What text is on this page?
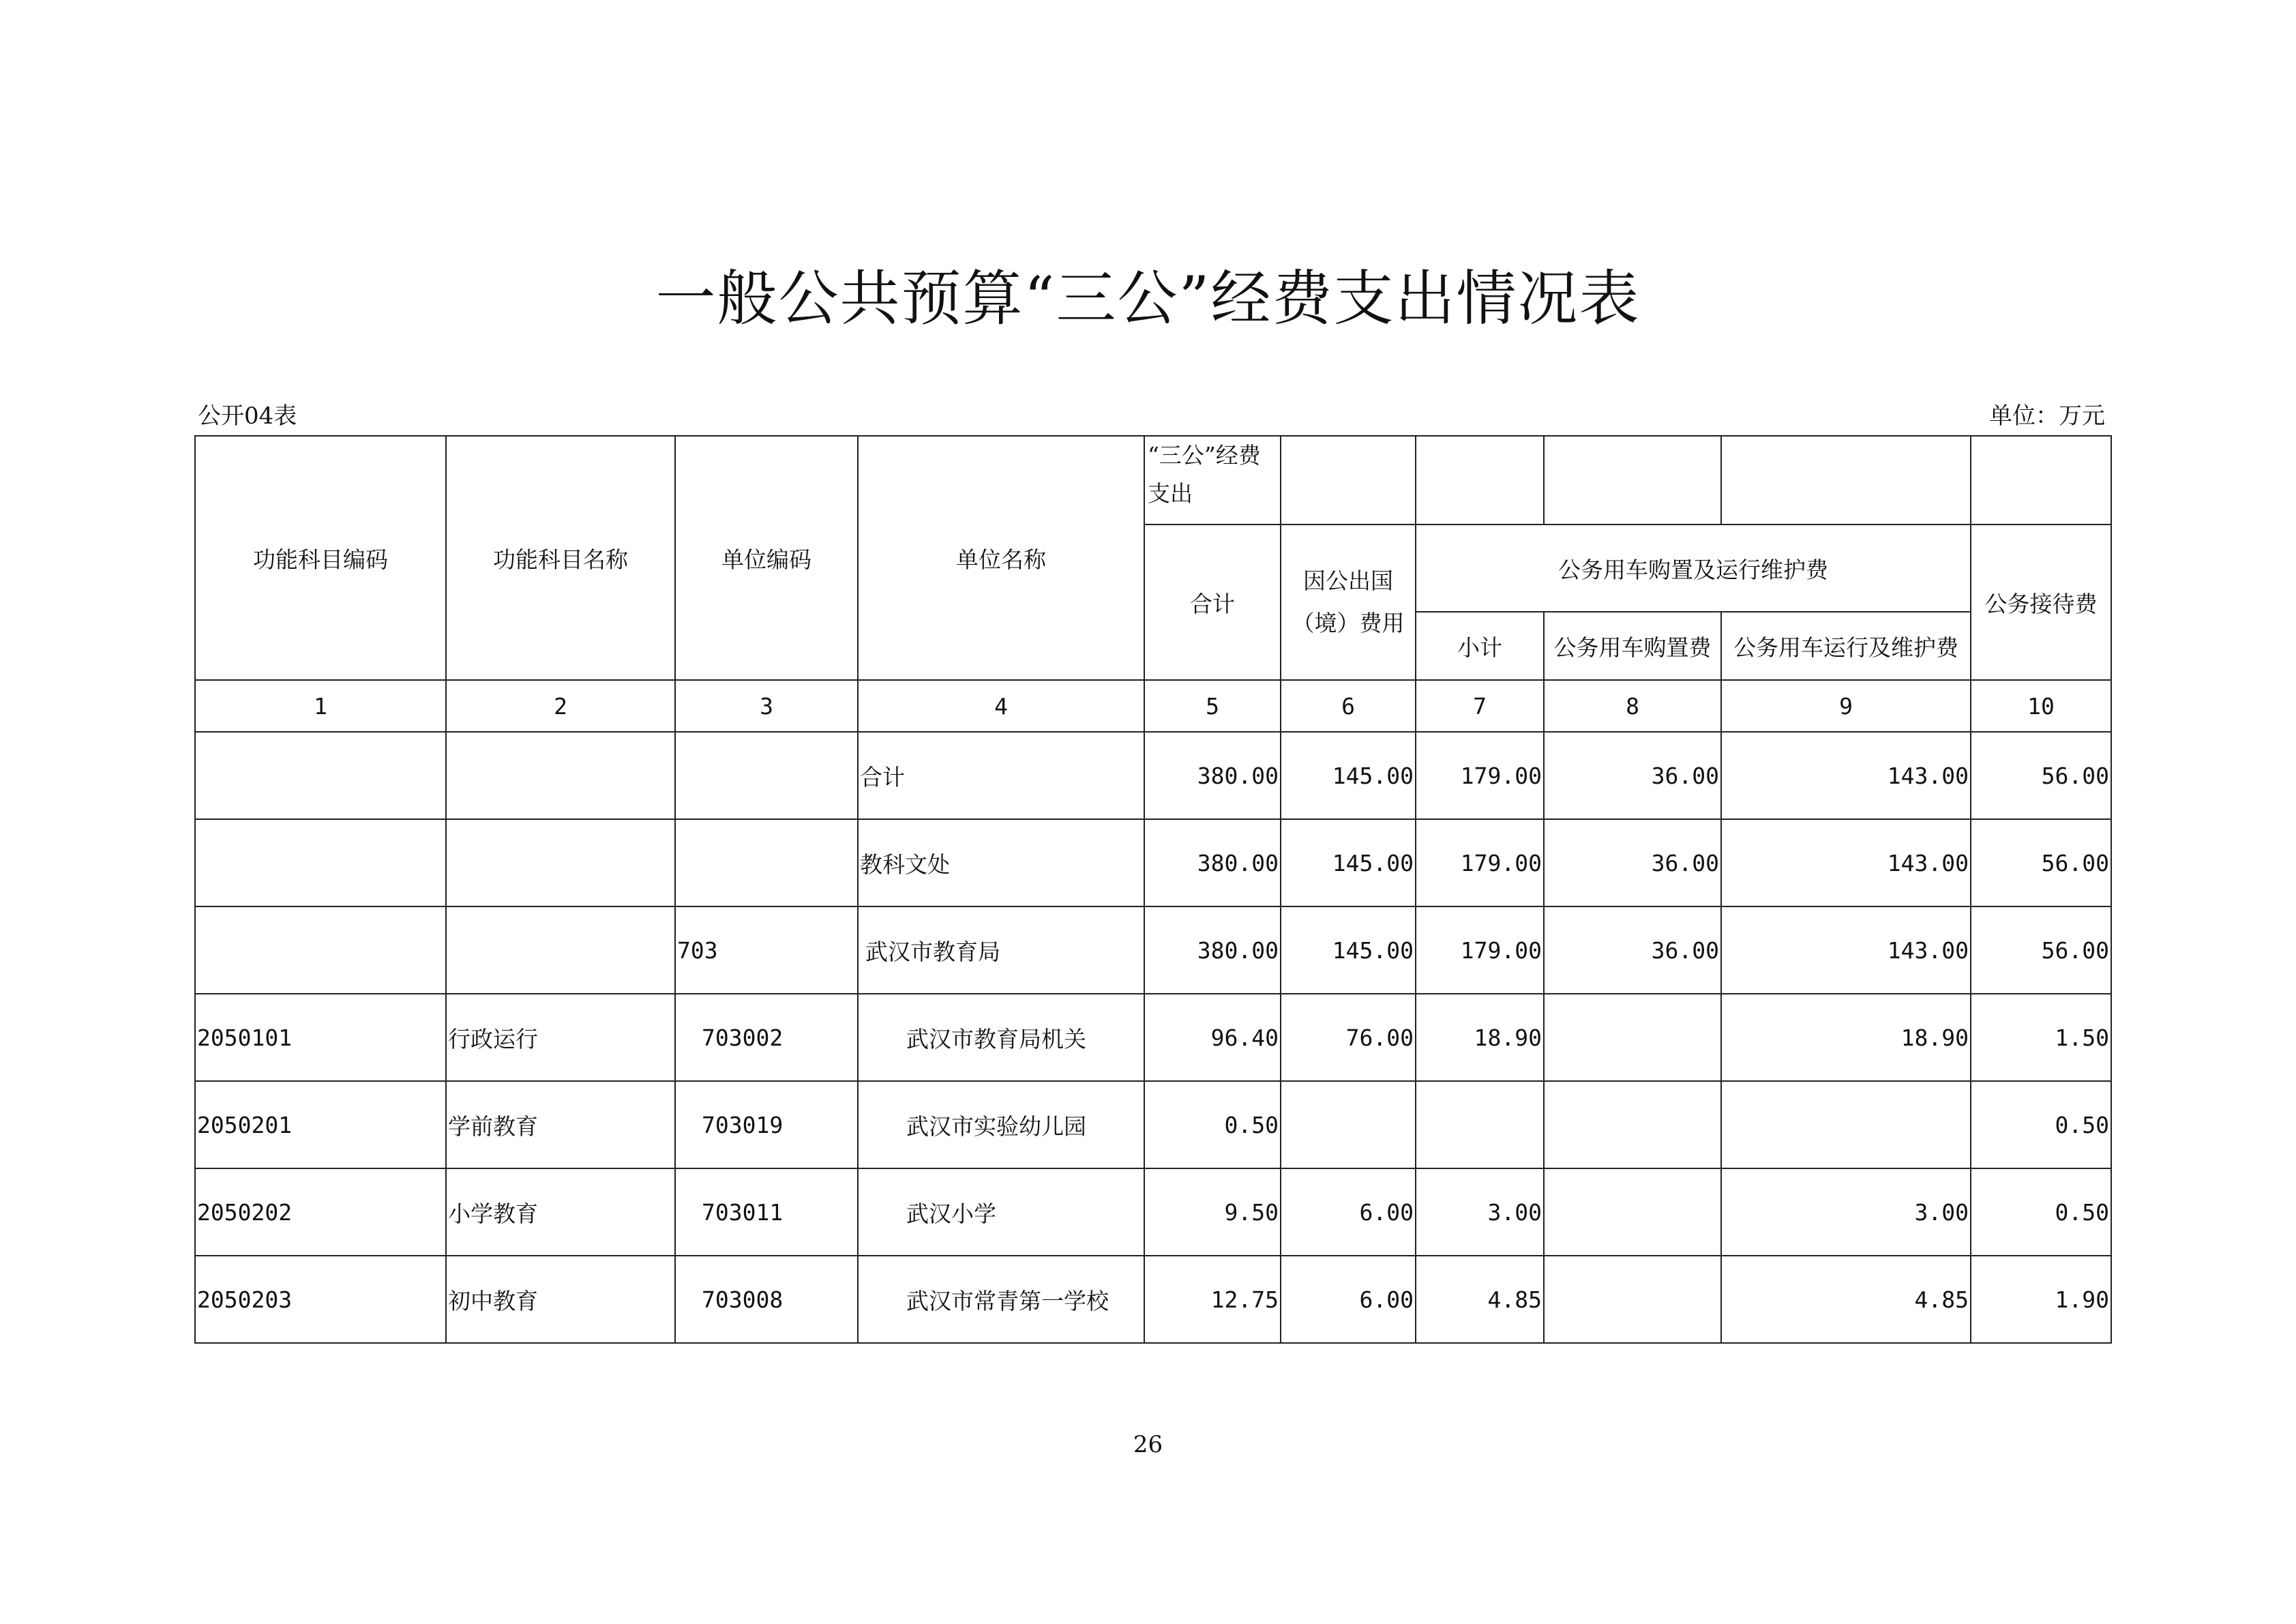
一般公共预算“三公”经费支出情况表
公开04表	单位：万元
功能科目编码	功能科目名称	单位编码	单位名称	“三公”经费支出					
				合计	因公出国（境）费用	公务用车购置及运行维护费			公务接待费
						小计	公务用车购置费	公务用车运行及维护费	
1	2	3	4	5	6	7	8	9	10
			合计	380.00	145.00	179.00	36.00	143.00	56.00
			教科文处	380.00	145.00	179.00	36.00	143.00	56.00
		703	武汉市教育局	380.00	145.00	179.00	36.00	143.00	56.00
2050101	行政运行	703002	武汉市教育局机关	96.40	76.00	18.90		18.90	1.50
2050201	学前教育	703019	武汉市实验幼儿园	0.50					0.50
2050202	小学教育	703011	武汉小学	9.50	6.00	3.00		3.00	0.50
2050203	初中教育	703008	武汉市常青第一学校	12.75	6.00	4.85		4.85	1.90
26
